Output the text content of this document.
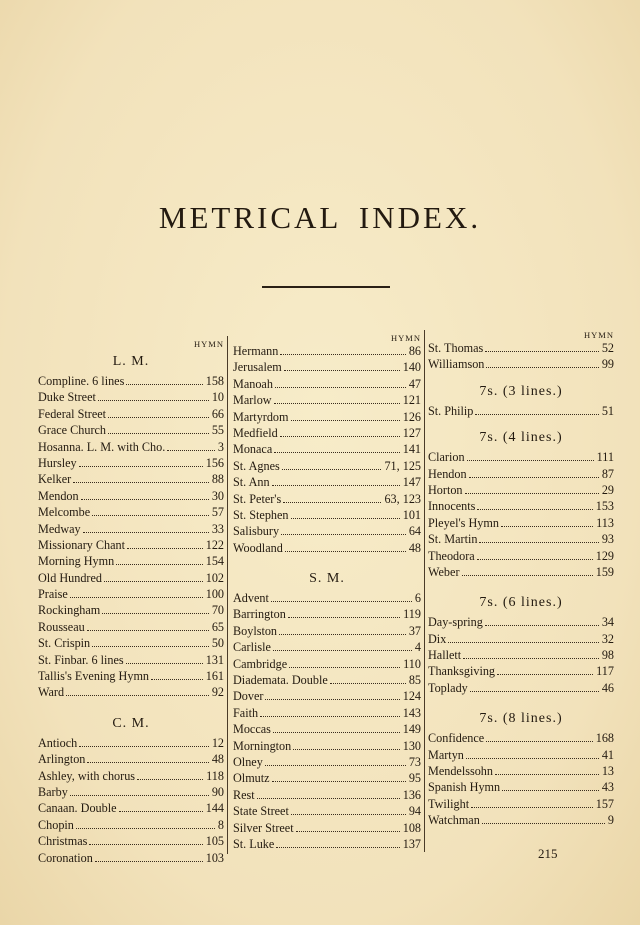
METRICAL INDEX.
HYMN
L. M.
Compline. 6 lines	158
Duke Street	10
Federal Street	66
Grace Church	55
Hosanna. L. M. with Cho.	3
Hursley	156
Kelker	88
Mendon	30
Melcombe	57
Medway	33
Missionary Chant	122
Morning Hymn	154
Old Hundred	102
Praise	100
Rockingham	70
Rousseau	65
St. Crispin	50
St. Finbar. 6 lines	131
Tallis's Evening Hymn	161
Ward	92
C. M.
Antioch	12
Arlington	48
Ashley, with chorus	118
Barby	90
Canaan. Double	144
Chopin	8
Christmas	105
Coronation	103
HYMN
Hermann	86
Jerusalem	140
Manoah	47
Marlow	121
Martyrdom	126
Medfield	127
Monaca	141
St. Agnes	71, 125
St. Ann	147
St. Peter's	63, 123
St. Stephen	101
Salisbury	64
Woodland	48
S. M.
Advent	6
Barrington	119
Boylston	37
Carlisle	4
Cambridge	110
Diademata. Double	85
Dover	124
Faith	143
Moccas	149
Mornington	130
Olney	73
Olmutz	95
Rest	136
State Street	94
Silver Street	108
St. Luke	137
HYMN
St. Thomas	52
Williamson	99
7s. (3 lines.)
St. Philip	51
7s. (4 lines.)
Clarion	111
Hendon	87
Horton	29
Innocents	153
Pleyel's Hymn	113
St. Martin	93
Theodora	129
Weber	159
7s. (6 lines.)
Day-spring	34
Dix	32
Hallett	98
Thanksgiving	117
Toplady	46
7s. (8 lines.)
Confidence	168
Martyn	41
Mendelssohn	13
Spanish Hymn	43
Twilight	157
Watchman	9
215
